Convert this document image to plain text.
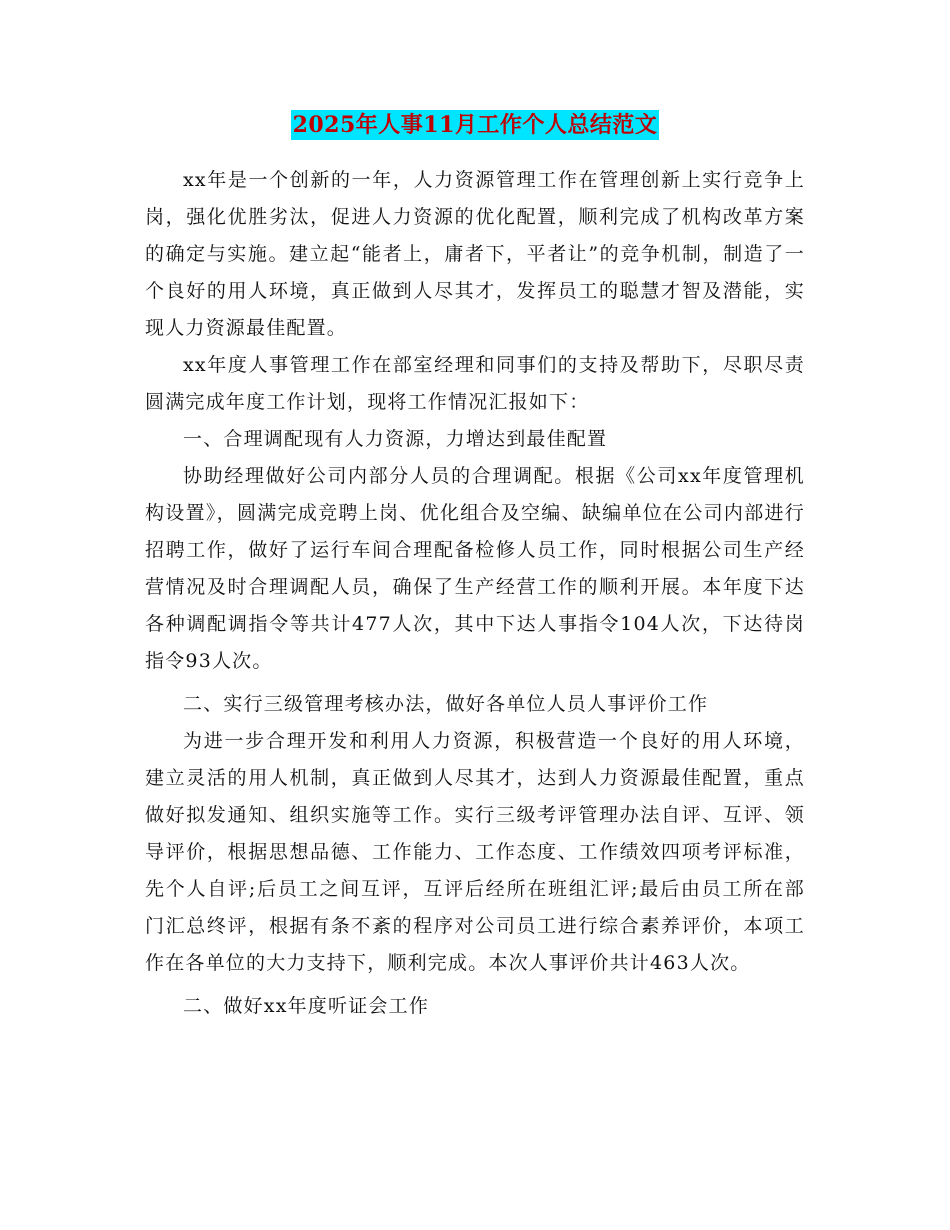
2025年人事11月工作个人总结范文

xx年是一个创新的一年，人力资源管理工作在管理创新上实行竞争上岗，强化优胜劣汰，促进人力资源的优化配置，顺利完成了机构改革方案的确定与实施。建立起“能者上，庸者下，平者让”的竞争机制，制造了一个良好的用人环境，真正做到人尽其才，发挥员工的聪慧才智及潜能，实现人力资源最佳配置。

xx年度人事管理工作在部室经理和同事们的支持及帮助下，尽职尽责圆满完成年度工作计划，现将工作情况汇报如下：

一、合理调配现有人力资源，力增达到最佳配置

协助经理做好公司内部分人员的合理调配。根据《公司xx年度管理机构设置》，圆满完成竞聘上岗、优化组合及空编、缺编单位在公司内部进行招聘工作，做好了运行车间合理配备检修人员工作，同时根据公司生产经营情况及时合理调配人员，确保了生产经营工作的顺利开展。本年度下达各种调配调指令等共计477人次，其中下达人事指令104人次，下达待岗指令93人次。

二、实行三级管理考核办法，做好各单位人员人事评价工作

为进一步合理开发和利用人力资源，积极营造一个良好的用人环境，建立灵活的用人机制，真正做到人尽其才，达到人力资源最佳配置，重点做好拟发通知、组织实施等工作。实行三级考评管理办法自评、互评、领导评价，根据思想品德、工作能力、工作态度、工作绩效四项考评标准，先个人自评;后员工之间互评，互评后经所在班组汇评;最后由员工所在部门汇总终评，根据有条不紊的程序对公司员工进行综合素养评价，本项工作在各单位的大力支持下，顺利完成。本次人事评价共计463人次。

二、做好xx年度听证会工作
